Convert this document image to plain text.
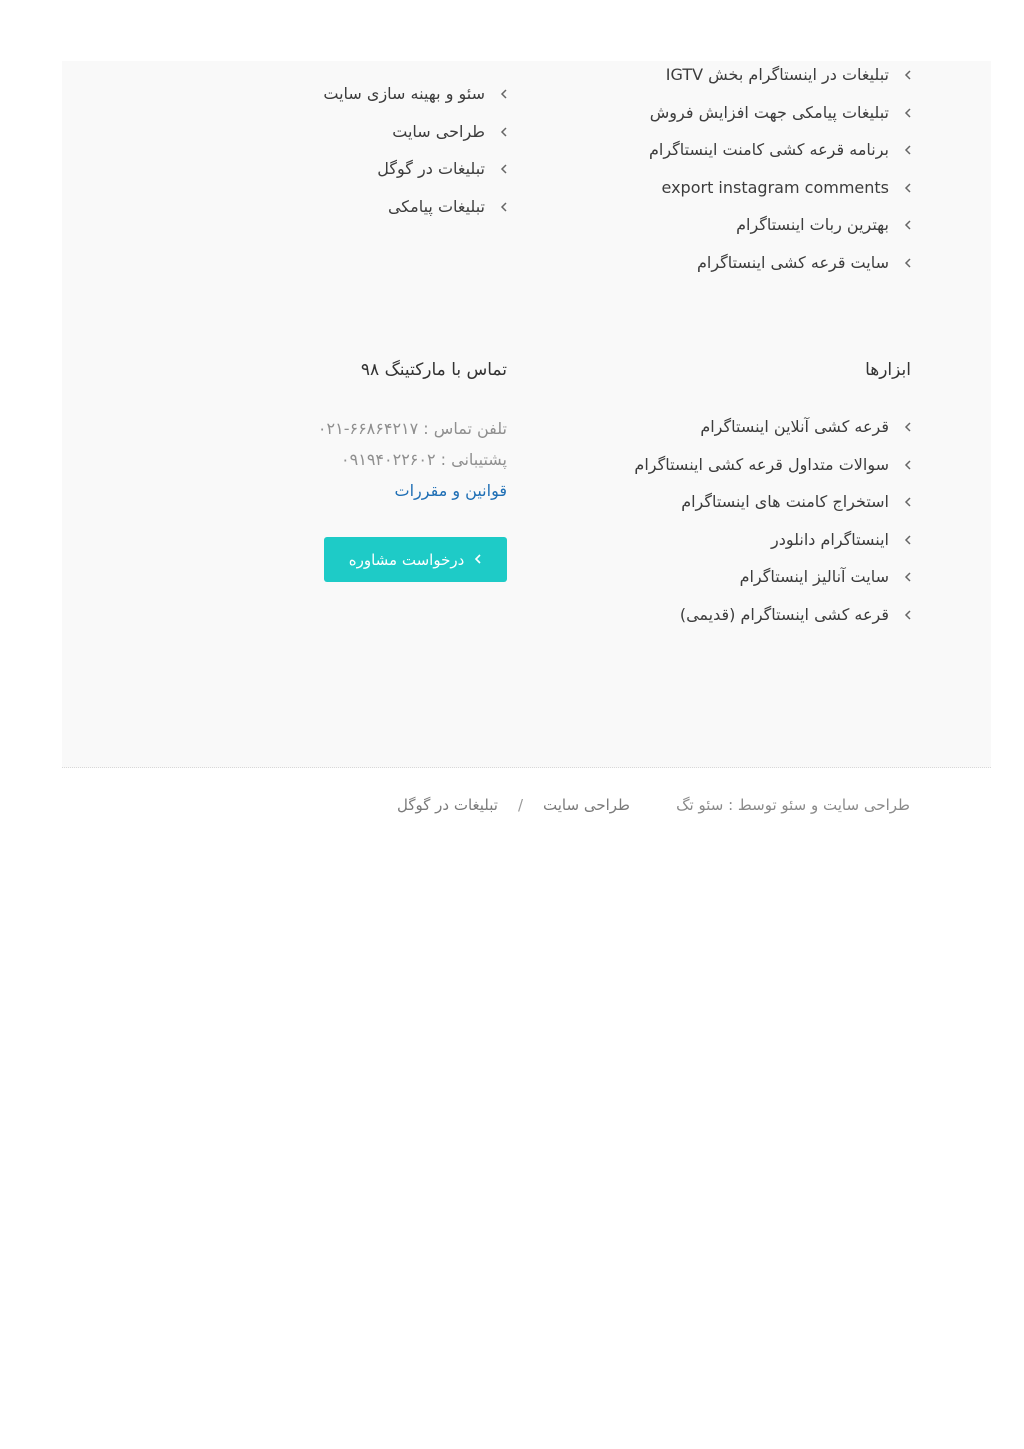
تبلیغات در اینستاگرام بخش IGTV
تبلیغات پیامکی جهت افزایش فروش
برنامه قرعه کشی کامنت اینستاگرام
export instagram comments
بهترین ربات اینستاگرام
سایت قرعه کشی اینستاگرام
سئو و بهینه سازی سایت
طراحی سایت
تبلیغات در گوگل
تبلیغات پیامکی
ابزارها
قرعه کشی آنلاین اینستاگرام
سوالات متداول قرعه کشی اینستاگرام
استخراج کامنت های اینستاگرام
اینستاگرام دانلودر
سایت آنالیز اینستاگرام
قرعه کشی اینستاگرام (قدیمی)
تماس با مارکتینگ ۹۸
تلفن تماس : ۶۶۸۶۴۲۱۷-۰۲۱
پشتیبانی : ۰۹۱۹۴۰۲۲۶۰۲
قوانین و مقررات
درخواست مشاوره
طراحی سایت و سئو توسط : سئو تگ
طراحی سایت
/
تبلیغات در گوگل
